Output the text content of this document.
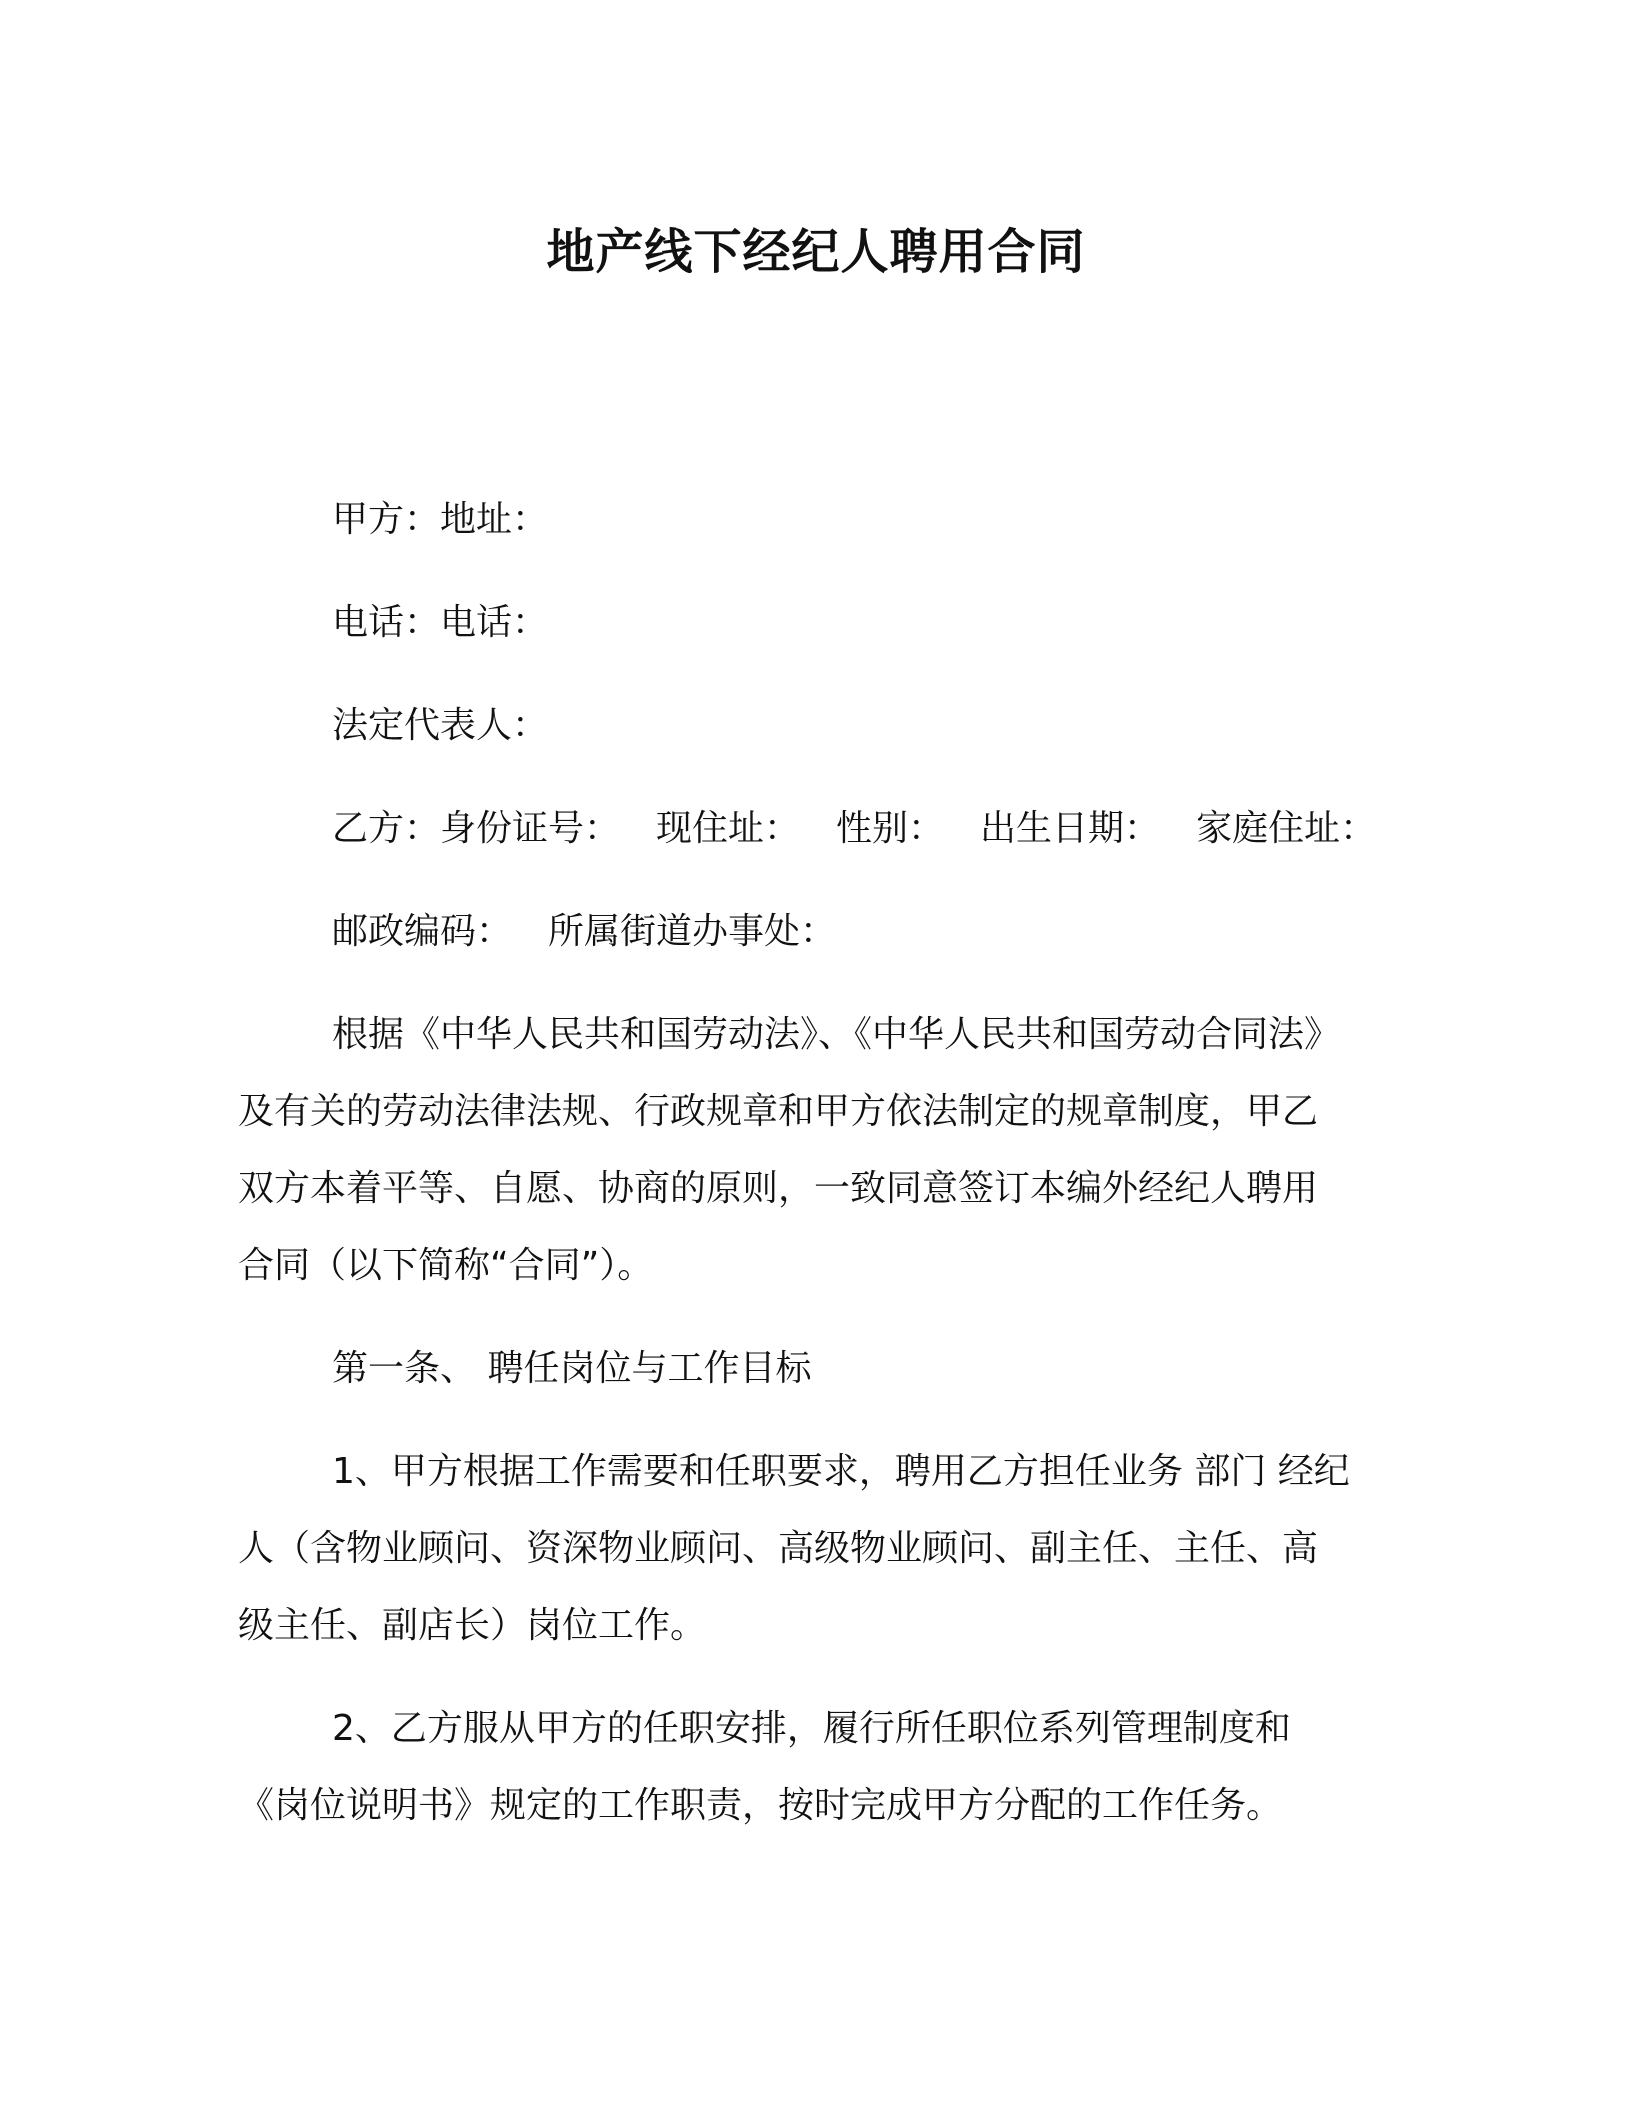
地产线下经纪人聘用合同
甲方：地址：
电话：电话：
法定代表人：
乙方：身份证号： 现住址： 性别： 出生日期： 家庭住址：
邮政编码： 所属街道办事处：
根据《中华人民共和国劳动法》、《中华人民共和国劳动合同法》
及有关的劳动法律法规、行政规章和甲方依法制定的规章制度，甲乙
双方本着平等、自愿、协商的原则，一致同意签订本编外经纪人聘用
合同（以下简称“合同”）。
第一条、 聘任岗位与工作目标
1、甲方根据工作需要和任职要求，聘用乙方担任业务 部门 经纪
人（含物业顾问、资深物业顾问、高级物业顾问、副主任、主任、高
级主任、副店长）岗位工作。
2、乙方服从甲方的任职安排，履行所任职位系列管理制度和
《岗位说明书》规定的工作职责，按时完成甲方分配的工作任务。
